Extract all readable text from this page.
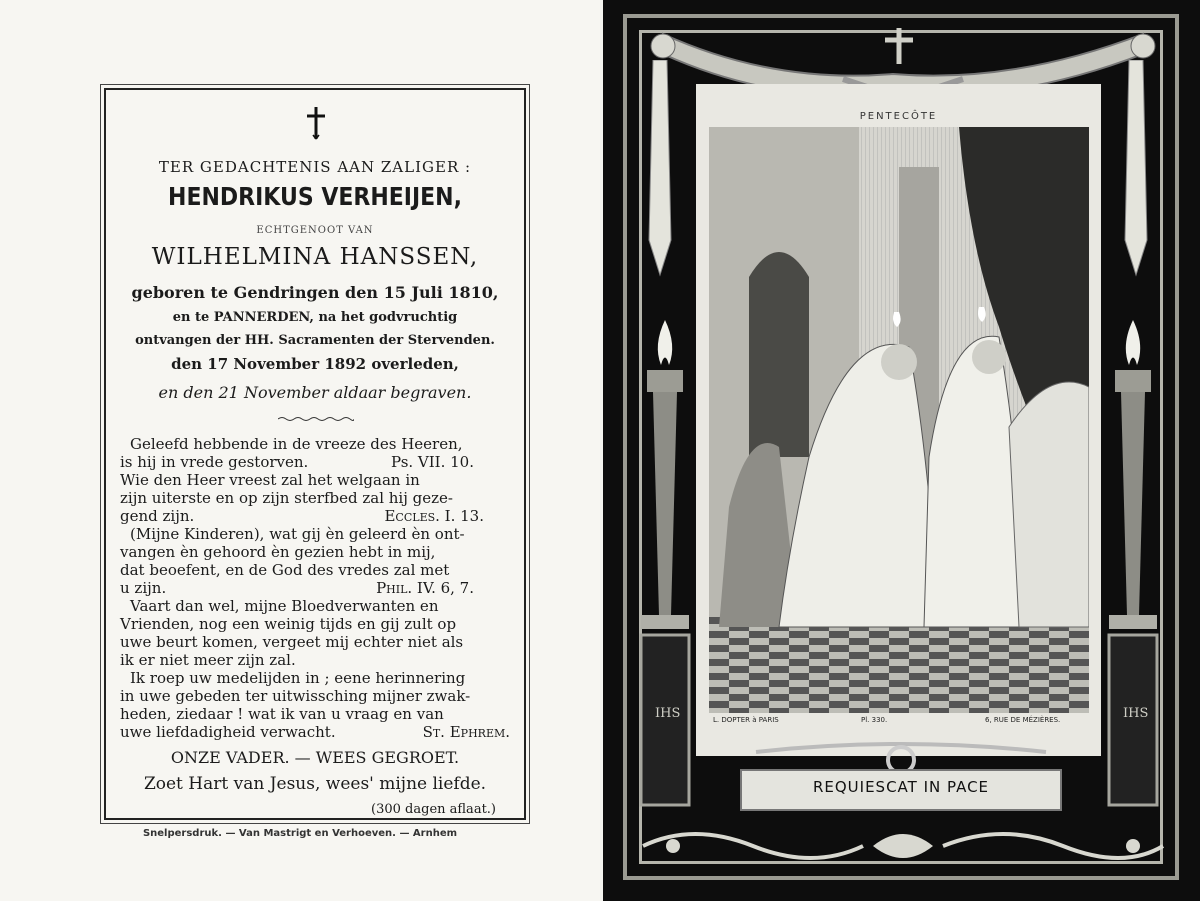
TER GEDACHTENIS AAN ZALIGER :
HENDRIKUS VERHEIJEN,
ECHTGENOOT VAN
WILHELMINA HANSSEN,
geboren te Gendringen den 15 Juli 1810,
en te PANNERDEN, na het godvruchtig
ontvangen der HH. Sacramenten der Stervenden.
den 17 November 1892 overleden,
en den 21 November aldaar begraven.
Geleefd hebbende in de vreeze des Heeren,
is hij in vrede gestorven.	Ps. VII. 10.
Wie den Heer vreest zal het welgaan in
zijn uiterste en op zijn sterfbed zal hij geze-
gend zijn.	Eccles. I. 13.
(Mijne Kinderen), wat gij èn geleerd èn ont-
vangen èn gehoord èn gezien hebt in mij,
dat beoefent, en de God des vredes zal met
u zijn.	Phil. IV. 6, 7.
Vaart dan wel, mijne Bloedverwanten en
Vrienden, nog een weinig tijds en gij zult op
uwe beurt komen, vergeet mij echter niet als
ik er niet meer zijn zal.
Ik roep uw medelijden in ; eene herinnering
in uwe gebeden ter uitwissching mijner zwak-
heden, ziedaar ! wat ik van u vraag en van
uwe liefdadigheid verwacht.	St. Ephrem.
ONZE VADER. — WEES GEGROET.
Zoet Hart van Jesus, wees' mijne liefde.
(300 dagen aflaat.)
Snelpersdruk. — Van Mastrigt en Verhoeven. — Arnhem
IHS	IHS
PENTECÔTE
L. DOPTER à PARIS	Pl. 330.	6, RUE DE MÉZIÈRES.
REQUIESCAT IN PACE
